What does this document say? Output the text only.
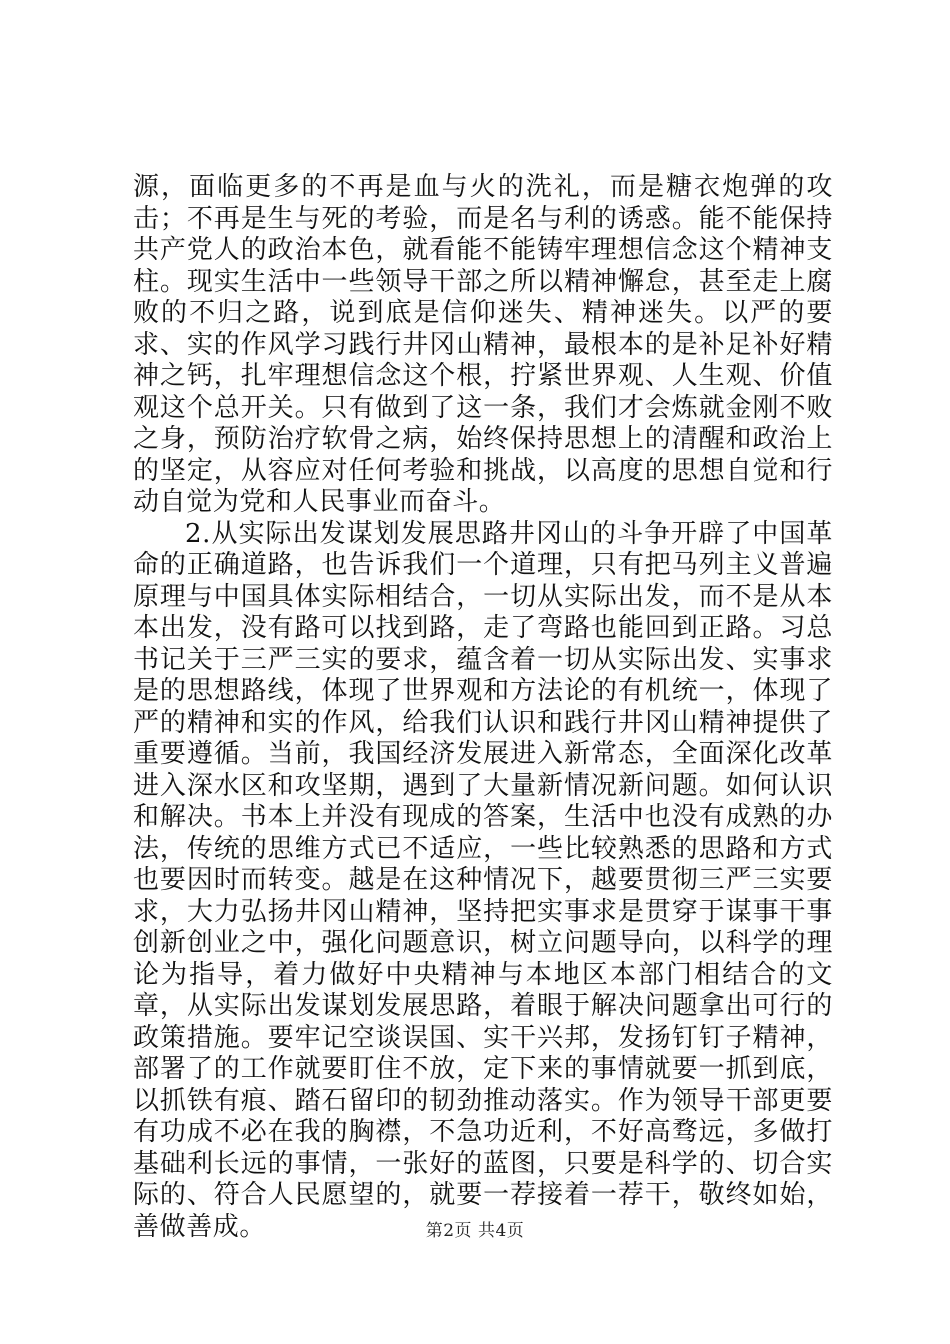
源，面临更多的不再是血与火的洗礼，而是糖衣炮弹的攻击；不再是生与死的考验，而是名与利的诱惑。能不能保持共产党人的政治本色，就看能不能铸牢理想信念这个精神支柱。现实生活中一些领导干部之所以精神懈怠，甚至走上腐败的不归之路，说到底是信仰迷失、精神迷失。以严的要求、实的作风学习践行井冈山精神，最根本的是补足补好精神之钙，扎牢理想信念这个根，拧紧世界观、人生观、价值观这个总开关。只有做到了这一条，我们才会炼就金刚不败之身，预防治疗软骨之病，始终保持思想上的清醒和政治上的坚定，从容应对任何考验和挑战，以高度的思想自觉和行动自觉为党和人民事业而奋斗。

2.从实际出发谋划发展思路井冈山的斗争开辟了中国革命的正确道路，也告诉我们一个道理，只有把马列主义普遍原理与中国具体实际相结合，一切从实际出发，而不是从本本出发，没有路可以找到路，走了弯路也能回到正路。习总书记关于三严三实的要求，蕴含着一切从实际出发、实事求是的思想路线，体现了世界观和方法论的有机统一，体现了严的精神和实的作风，给我们认识和践行井冈山精神提供了重要遵循。当前，我国经济发展进入新常态，全面深化改革进入深水区和攻坚期，遇到了大量新情况新问题。如何认识和解决。书本上并没有现成的答案，生活中也没有成熟的办法，传统的思维方式已不适应，一些比较熟悉的思路和方式也要因时而转变。越是在这种情况下，越要贯彻三严三实要求，大力弘扬井冈山精神，坚持把实事求是贯穿于谋事干事创新创业之中，强化问题意识，树立问题导向，以科学的理论为指导，着力做好中央精神与本地区本部门相结合的文章，从实际出发谋划发展思路，着眼于解决问题拿出可行的政策措施。要牢记空谈误国、实干兴邦，发扬钉钉子精神，部署了的工作就要盯住不放，定下来的事情就要一抓到底，以抓铁有痕、踏石留印的韧劲推动落实。作为领导干部更要有功成不必在我的胸襟，不急功近利，不好高骛远，多做打基础利长远的事情，一张好的蓝图，只要是科学的、切合实际的、符合人民愿望的，就要一荐接着一荐干，敬终如始，善做善成。	第2页 共4页
